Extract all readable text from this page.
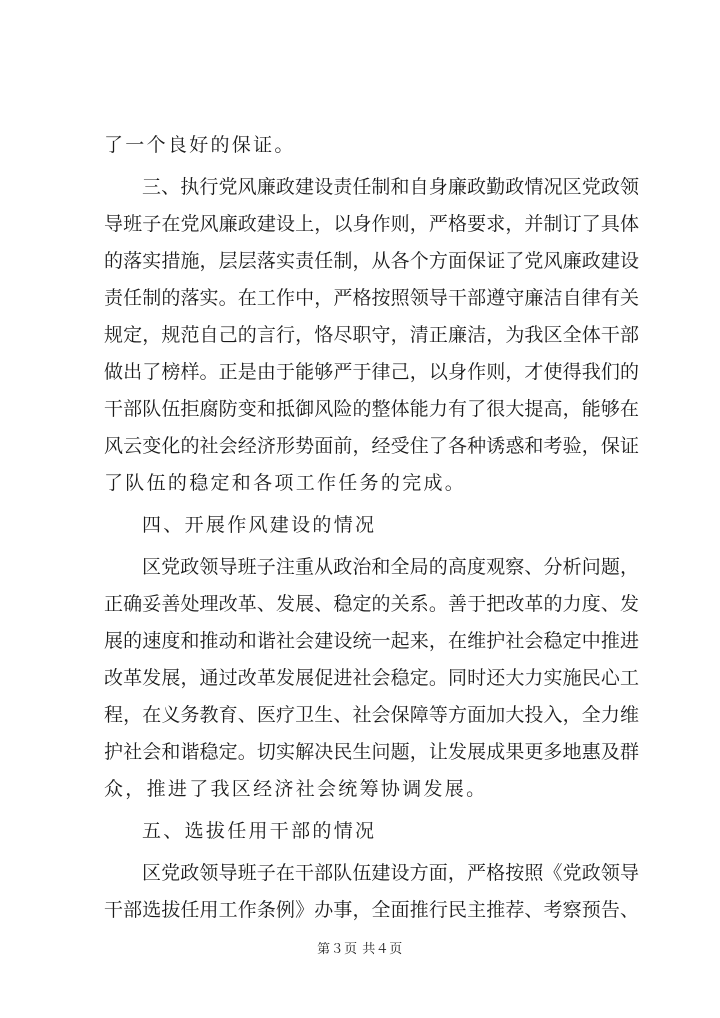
了一个良好的保证。
三、执行党风廉政建设责任制和自身廉政勤政情况区党政领
导班子在党风廉政建设上，以身作则，严格要求，并制订了具体
的落实措施，层层落实责任制，从各个方面保证了党风廉政建设
责任制的落实。在工作中，严格按照领导干部遵守廉洁自律有关
规定，规范自己的言行，恪尽职守，清正廉洁，为我区全体干部
做出了榜样。正是由于能够严于律己，以身作则，才使得我们的
干部队伍拒腐防变和抵御风险的整体能力有了很大提高，能够在
风云变化的社会经济形势面前，经受住了各种诱惑和考验，保证
了队伍的稳定和各项工作任务的完成。
四、开展作风建设的情况
区党政领导班子注重从政治和全局的高度观察、分析问题，
正确妥善处理改革、发展、稳定的关系。善于把改革的力度、发
展的速度和推动和谐社会建设统一起来，在维护社会稳定中推进
改革发展，通过改革发展促进社会稳定。同时还大力实施民心工
程，在义务教育、医疗卫生、社会保障等方面加大投入，全力维
护社会和谐稳定。切实解决民生问题，让发展成果更多地惠及群
众，推进了我区经济社会统筹协调发展。
五、选拔任用干部的情况
区党政领导班子在干部队伍建设方面，严格按照《党政领导
干部选拔任用工作条例》办事，全面推行民主推荐、考察预告、
第３页 共４页
